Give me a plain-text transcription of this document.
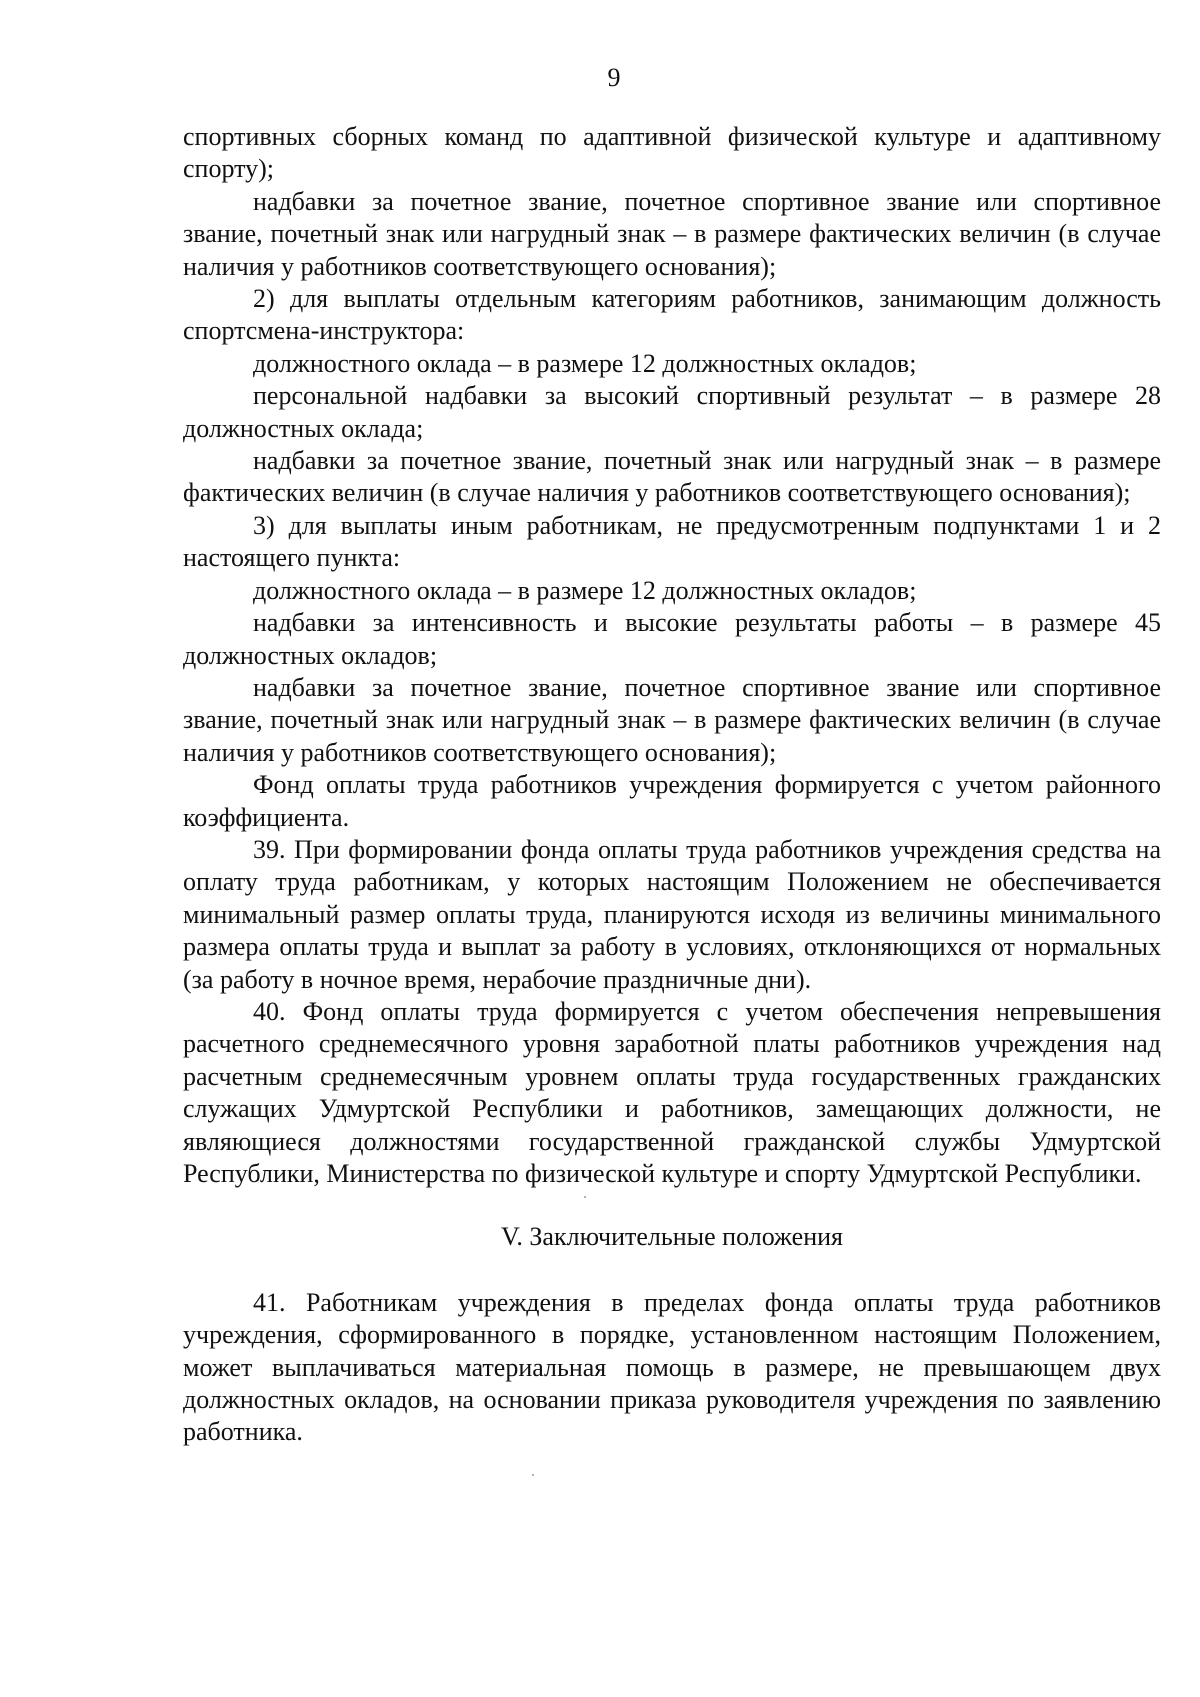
9

спортивных сборных команд по адаптивной физической культуре и адаптивному спорту);

надбавки за почетное звание, почетное спортивное звание или спортивное звание, почетный знак или нагрудный знак – в размере фактических величин (в случае наличия у работников соответствующего основания);

2) для выплаты отдельным категориям работников, занимающим должность спортсмена-инструктора:

должностного оклада – в размере 12 должностных окладов;

персональной надбавки за высокий спортивный результат – в размере 28 должностных оклада;

надбавки за почетное звание, почетный знак или нагрудный знак – в размере фактических величин (в случае наличия у работников соответствующего основания);

3) для выплаты иным работникам, не предусмотренным подпунктами 1 и 2 настоящего пункта:

должностного оклада – в размере 12 должностных окладов;

надбавки за интенсивность и высокие результаты работы – в размере 45 должностных окладов;

надбавки за почетное звание, почетное спортивное звание или спортивное звание, почетный знак или нагрудный знак – в размере фактических величин (в случае наличия у работников соответствующего основания);

Фонд оплаты труда работников учреждения формируется с учетом районного коэффициента.

39. При формировании фонда оплаты труда работников учреждения средства на оплату труда работникам, у которых настоящим Положением не обеспечивается минимальный размер оплаты труда, планируются исходя из величины минимального размера оплаты труда и выплат за работу в условиях, отклоняющихся от нормальных (за работу в ночное время, нерабочие праздничные дни).

40. Фонд оплаты труда формируется с учетом обеспечения непревышения расчетного среднемесячного уровня заработной платы работников учреждения над расчетным среднемесячным уровнем оплаты труда государственных гражданских служащих Удмуртской Республики и работников, замещающих должности, не являющиеся должностями государственной гражданской службы Удмуртской Республики, Министерства по физической культуре и спорту Удмуртской Республики.

V. Заключительные положения

41. Работникам учреждения в пределах фонда оплаты труда работников учреждения, сформированного в порядке, установленном настоящим Положением, может выплачиваться материальная помощь в размере, не превышающем двух должностных окладов, на основании приказа руководителя учреждения по заявлению работника.
